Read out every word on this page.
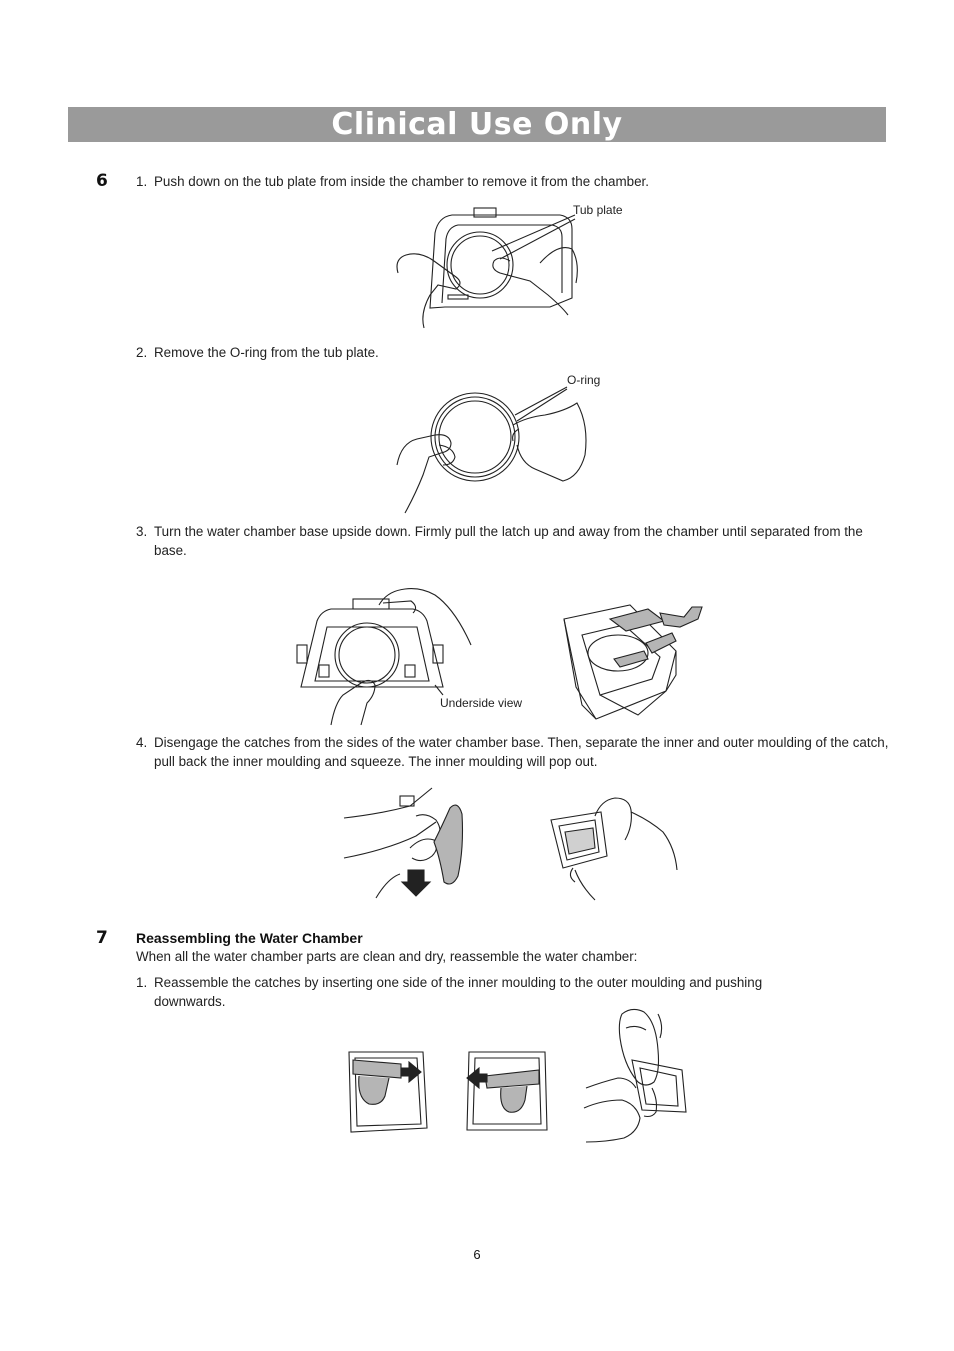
Clinical Use Only
6 1. Push down on the tub plate from inside the chamber to remove it from the chamber.
Tub plate
2. Remove the O-ring from the tub plate.
O-ring
3. Turn the water chamber base upside down. Firmly pull the latch up and away from the chamber until separated from the base.
Underside view
4. Disengage the catches from the sides of the water chamber base. Then, separate the inner and outer moulding of the catch, pull back the inner moulding and squeeze. The inner moulding will pop out.
7 Reassembling the Water Chamber
When all the water chamber parts are clean and dry, reassemble the water chamber:
1. Reassemble the catches by inserting one side of the inner moulding to the outer moulding and pushing downwards.
6
